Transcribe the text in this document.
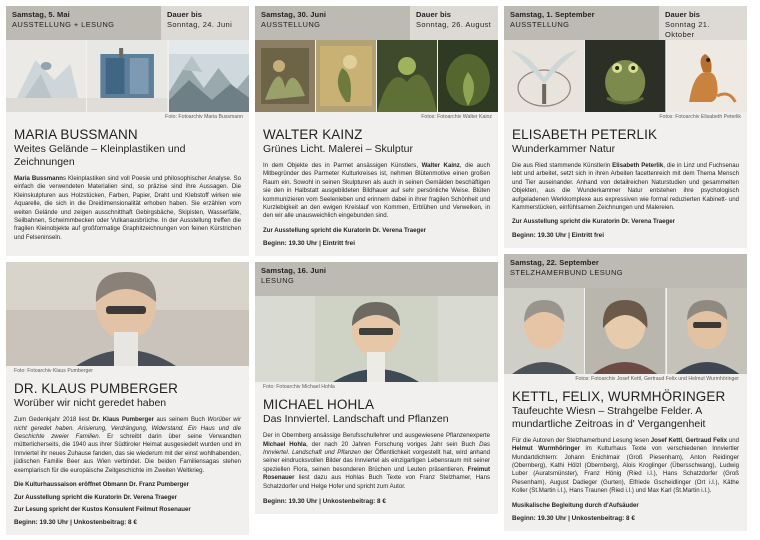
Samstag, 5. Mai
AUSSTELLUNG + LESUNG
Dauer bis
Sonntag, 24. Juni
Foto: Fotoarchiv Maria Bussmann
MARIA BUSSMANN
Weites Gelände – Kleinplastiken und Zeichnungen

Maria Bussmanns Kleinplastiken sind voll Poesie und philosophischer Analyse. So einfach die verwendeten Materialien sind, so präzise sind ihre Aussagen. Die Kleinskulpturen aus Holzstücken, Farben, Papier, Draht und Klebstoff wirken wie Aquarelle, die sich in die Dreidimensionalität erhoben haben. Sie erzählen vom weiten Gelände und zeigen ausschnitthaft Gebirgsbäche, Skipisten, Wasserfälle, Seilbahnen, Schwimmbecken oder Vulkanausbrüche. In der Ausstellung treffen die fragilen Kleinobjekte auf großformatige Graphitzeichnungen von feinen Kürstrichen und Felseninseln.

Foto: Fotoarchiv Klaus Pumberger
DR. KLAUS PUMBERGER
Worüber wir nicht geredet haben

Zum Gedenkjahr 2018 liest Dr. Klaus Pumberger aus seinem Buch Worüber wir nicht geredet haben. Arisierung, Verdrängung, Widerstand. Ein Haus und die Geschichte zweier Familien. Er schreibt darin über seine Verwandten mütterlicherseits, die 1940 aus ihrer Südtiroler Heimat ausgesiedelt wurden und im Innviertel ihr neues Zuhause fanden, das sie wiederum mit der einst wohlhabenden, jüdischen Familie Beer aus Wien verbindet. Die beiden Familiensagas stehen exemplarisch für die europäische Zeitgeschichte im Zweiten Weltkrieg.

Die Kulturhaussaison eröffnet Obmann Dr. Franz Pumberger
Zur Ausstellung spricht die Kuratorin Dr. Verena Traeger
Zur Lesung spricht der Kustos Konsulent Feilmut Rosenauer
Beginn: 19.30 Uhr | Unkostenbeitrag: 8 €
Samstag, 30. Juni
AUSSTELLUNG
Dauer bis
Sonntag, 26. August
Fotos: Fotoarchiv Walter Kainz
WALTER KAINZ
Grünes Licht. Malerei – Skulptur

In dem Objekte des in Parmet ansässigen Künstlers, Walter Kainz, die auch Mitbegründer des Parmeter Kulturkreises ist, nehmen Blütenmotive einen großen Raum ein. Sowohl in seinen Skulpturen als auch in seinen Gemälden beschäftigen sie den in Halbstatt ausgebildeten Bildhauer auf sehr persönliche Weise. Blüten kommunizieren vom Seelenleben und erinnern dabei in ihrer fragilen Schönheit und Kurzlebigkeit an den ewigen Kreislauf von Kommen, Erblühen und Verwelken, in den wir alle unausweichlich eingebunden sind.

Zur Ausstellung spricht die Kuratorin Dr. Verena Traeger
Beginn: 19.30 Uhr | Eintritt frei
Samstag, 16. Juni
LESUNG
Foto: Fotoarchiv Michael Hohla
MICHAEL HOHLA
Das Innviertel. Landschaft und Pflanzen

Der in Obernberg ansässige Berufsschullehrer und ausgewiesene Pflanzenexperte Michael Hohla, der nach 20 Jahren Forschung voriges Jahr sein Buch Das Innviertel. Landschaft und Pflanzen der Öffentlichkeit vorgestellt hat, wird anhand seiner eindrucksvollen Bilder das Innviertel als einzigartigen Lebensraum mit seiner speziellen Flora, seinen besonderen Brüchen und Leuten präsentieren. Freimut Rosenauer liest dazu aus Hohlas Buch Texte von Franz Stelzhamer, Hans Schatzdorfer und Helge Hofer und spricht zum Autor.

Beginn: 19.30 Uhr | Unkostenbeitrag: 8 €
Samstag, 1. September
AUSSTELLUNG
Dauer bis
Sonntag 21. Oktober
Fotos: Fotoarchiv Elisabeth Peterlik
ELISABETH PETERLIK
Wunderkammer Natur

Die aus Ried stammende Künstlerin Elisabeth Peterlik, die in Linz und Fuchsenau lebt und arbeitet, setzt sich in ihren Arbeiten facettenreich mit dem Thema Mensch und Tier auseinander. Anhand von detailreichen Naturstudien und gesammelten Objekten, aus die Wunderkammer Natur entstehen ihre psychologisch aufgeladenen Werkkomplexe aus expressiven wie formal reduzierten Kabinett- und Kammerstücken, einfühlsamen Zeichnungen und Malereien.

Zur Ausstellung spricht die Kuratorin Dr. Verena Traeger
Beginn: 19.30 Uhr | Eintritt frei
Samstag, 22. September
STELZHAMERBUND LESUNG
Fotos: Fotoarchiv Josef Kettl, Gertraud Felix und Helmut Wurmhöringer
KETTL, FELIX, WURMHÖRINGER
Taufeuchte Wiesn – Strahgelbe Felder. A mundartliche Zeitroas in d' Vergangenheit

Für die Autoren der Stelzhamerbund Lesung lesen Josef Kettl, Gertraud Felix und Helmut Wurmhöringer im Kulturhaus Texte von verschiedenen Innviertler Mundartdichtern: Johann Enichlmair (Groß Piesenham), Anton Reidinger (Obernberg), Kathi Hölzl (Obernberg), Alois Kroglinger (Übersschwang), Ludwig Luber (Auratsmünster), Franz Hönig (Ried i.I.), Hans Schatzdorfer (Groß Piesenham), August Dadieger (Gurten), Elfriede Gscheidlinger (Ort i.I.), Käthe Koller (St.Martin i.I.), Hans Traunen (Ried i.I.) und Max Karl (St.Martin i.I.).

Musikalische Begleitung durch d'Aufsäuder
Beginn: 19.30 Uhr | Unkostenbeitrag: 8 €
